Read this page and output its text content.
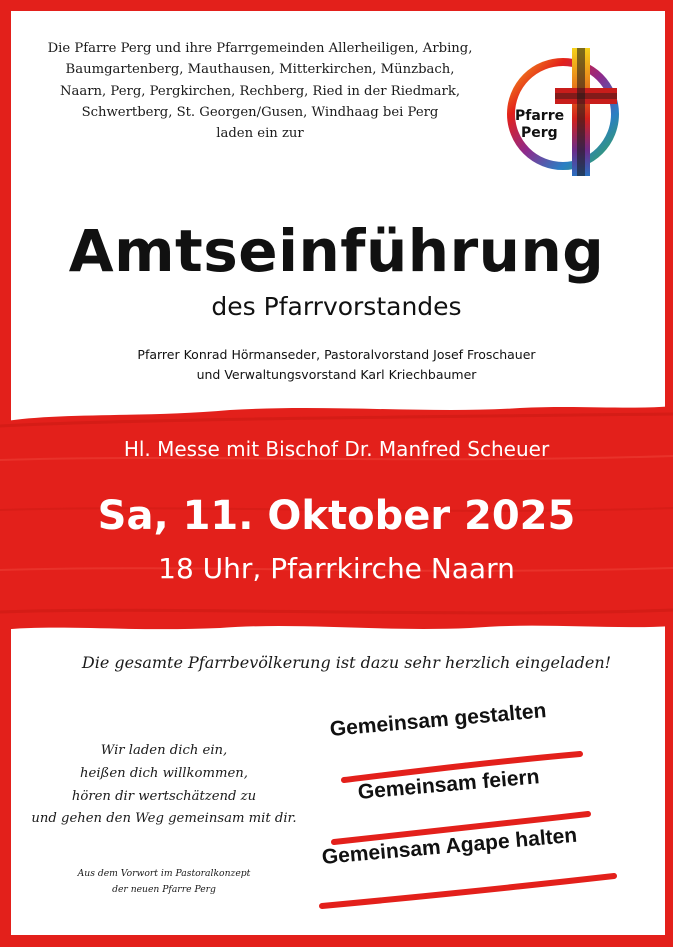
Die Pfarre Perg und ihre Pfarrgemeinden Allerheiligen, Arbing,
Baumgartenberg, Mauthausen, Mitterkirchen, Münzbach,
Naarn, Perg, Pergkirchen, Rechberg, Ried in der Riedmark,
Schwertberg, St. Georgen/Gusen, Windhaag bei Perg
laden ein zur
Pfarre
Perg
Amtseinführung
des Pfarrvorstandes
Pfarrer Konrad Hörmanseder, Pastoralvorstand Josef Froschauer
und Verwaltungsvorstand Karl Kriechbaumer
Hl. Messe mit Bischof Dr. Manfred Scheuer
Sa, 11. Oktober 2025
18 Uhr, Pfarrkirche Naarn
Die gesamte Pfarrbevölkerung ist dazu sehr herzlich eingeladen!
Wir laden dich ein,
heißen dich willkommen,
hören dir wertschätzend zu
und gehen den Weg gemeinsam mit dir.
Aus dem Vorwort im Pastoralkonzept
der neuen Pfarre Perg
Gemeinsam gestalten
Gemeinsam feiern
Gemeinsam Agape halten
